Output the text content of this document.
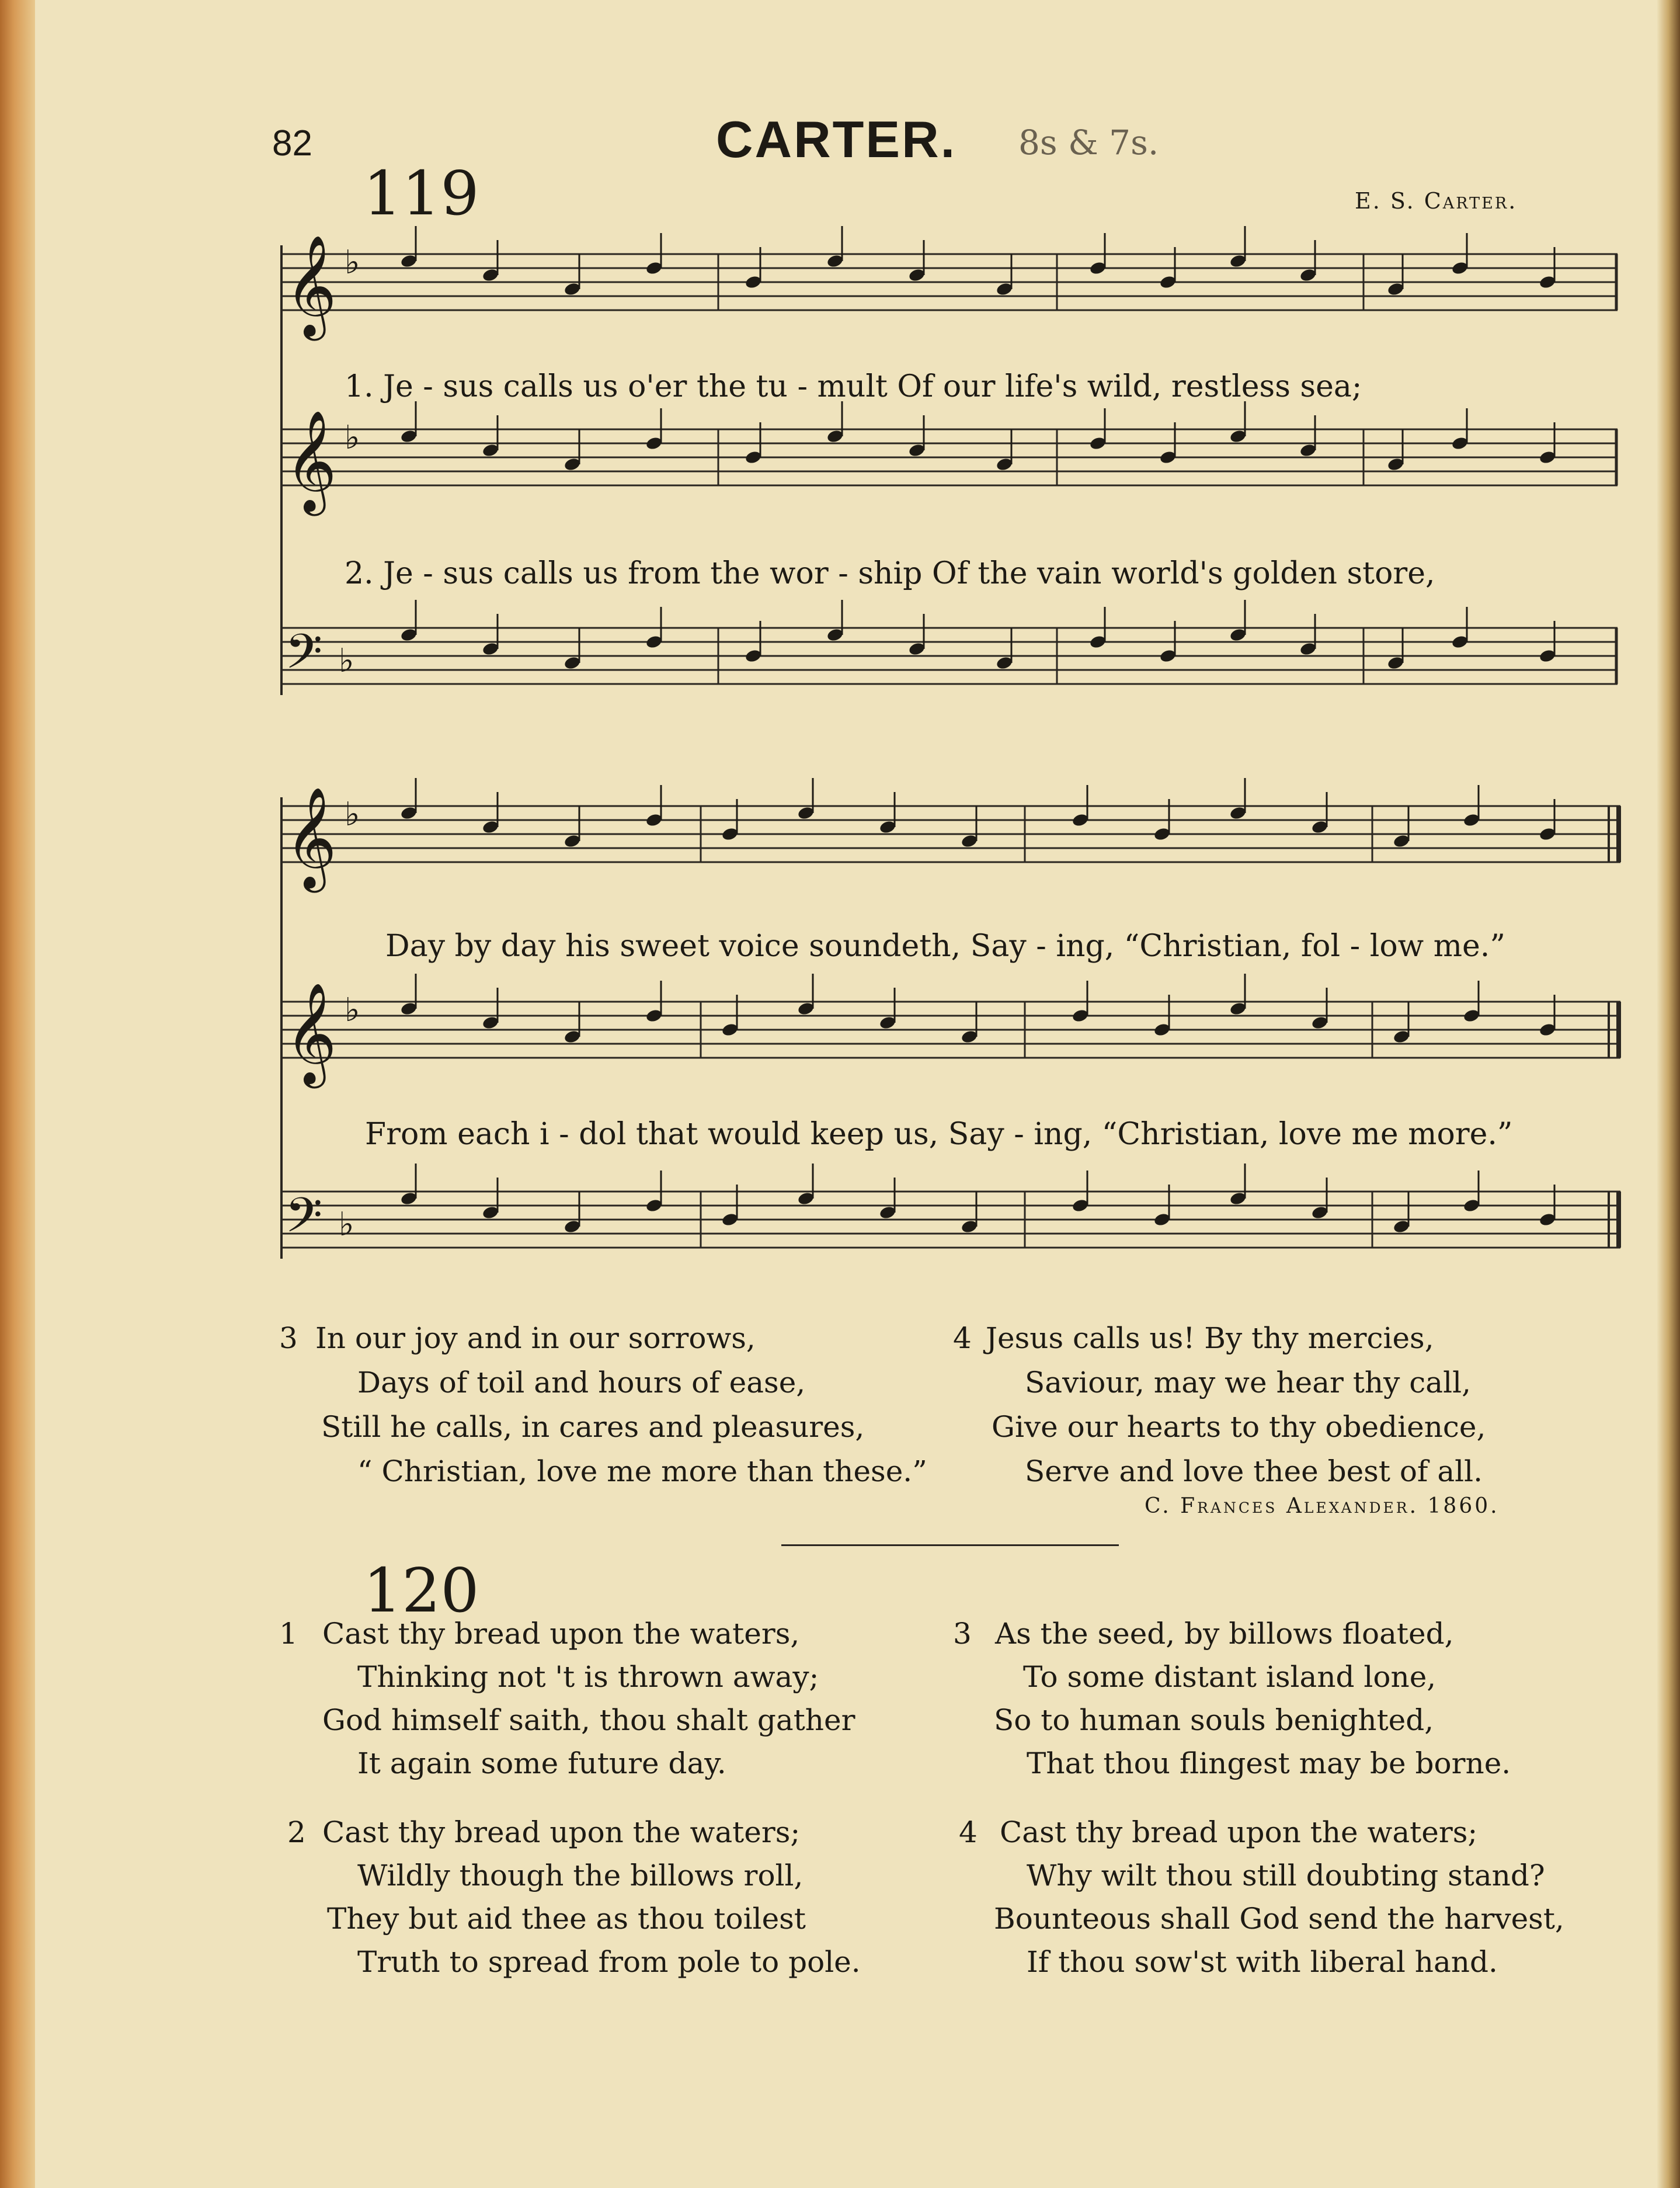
82	CARTER. 8s & 7s.
119	E. S. Carter.
𝄞
𝄞
𝄢
𝄞
𝄞
𝄢
♭
♭
♭
♭
♭
♭
1. Je - sus calls us o'er the tu - mult Of our life's wild, restless sea;
2. Je - sus calls us from the wor - ship Of the vain world's golden store,
Day by day his sweet voice soundeth, Say - ing, “Christian, fol - low me.”
From each i - dol that would keep us, Say - ing, “Christian, love me more.”
3 In our joy and in our sorrows,
Days of toil and hours of ease,
Still he calls, in cares and pleasures,
“ Christian, love me more than these.”
4 Jesus calls us! By thy mercies,
Saviour, may we hear thy call,
Give our hearts to thy obedience,
Serve and love thee best of all.
C. Frances Alexander. 1860.
120
1 Cast thy bread upon the waters,
Thinking not 't is thrown away;
God himself saith, thou shalt gather
It again some future day.
2 Cast thy bread upon the waters;
Wildly though the billows roll,
They but aid thee as thou toilest
Truth to spread from pole to pole.
3 As the seed, by billows floated,
To some distant island lone,
So to human souls benighted,
That thou flingest may be borne.
4 Cast thy bread upon the waters;
Why wilt thou still doubting stand?
Bounteous shall God send the harvest,
If thou sow'st with liberal hand.
